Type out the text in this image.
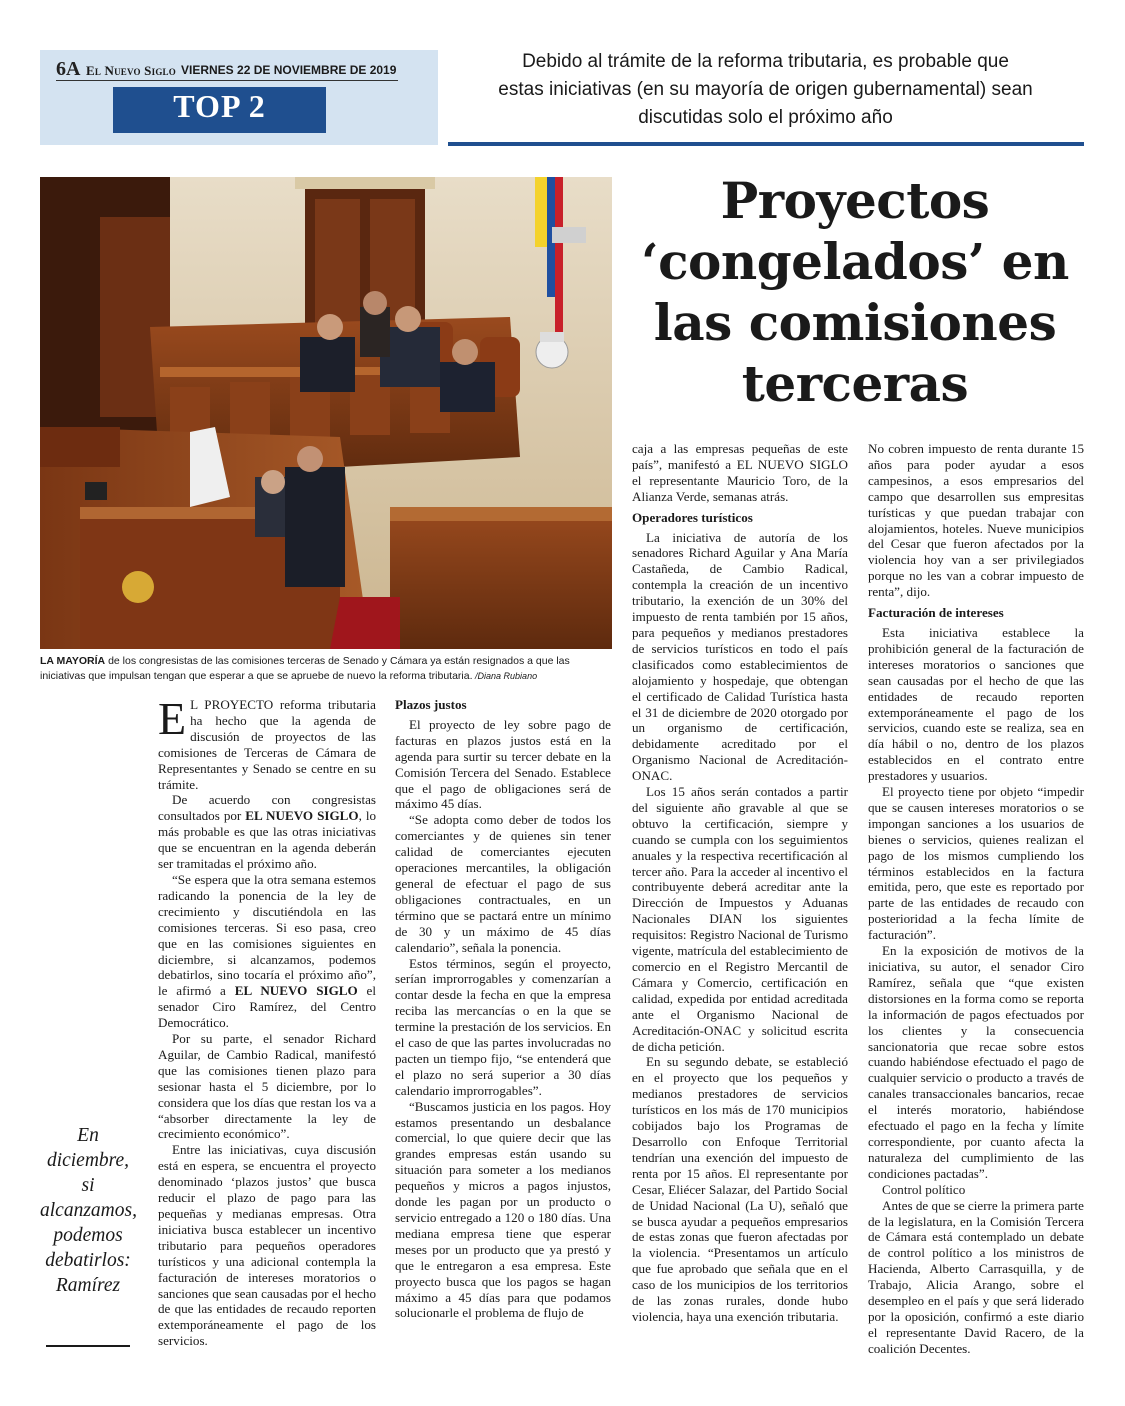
6A El Nuevo Siglo VIERNES 22 DE NOVIEMBRE DE 2019
TOP 2
Debido al trámite de la reforma tributaria, es probable que
estas iniciativas (en su mayoría de origen gubernamental) sean
discutidas solo el próximo año
Proyectos
‘congelados’ en
las comisiones
terceras
LA MAYORÍA de los congresistas de las comisiones terceras de Senado y Cámara ya están resignados a que las iniciativas que impulsan tengan que esperar a que se apruebe de nuevo la reforma tributaria. /Diana Rubiano
En diciembre, si alcanzamos, podemos debatirlos: Ramírez

E L PROYECTO reforma tributaria ha hecho que la agenda de discusión de proyectos de las comisiones de Terceras de Cámara de Representantes y Senado se centre en su trámite.

De acuerdo con congresistas consultados por EL NUEVO SIGLO, lo más probable es que las otras iniciativas que se encuentran en la agenda deberán ser tramitadas el próximo año.

“Se espera que la otra semana estemos radicando la ponencia de la ley de crecimiento y discutiéndola en las comisiones terceras. Si eso pasa, creo que en las comisiones siguientes en diciembre, si alcanzamos, podemos debatirlos, sino tocaría el próximo año”, le afirmó a EL NUEVO SIGLO el senador Ciro Ramírez, del Centro Democrático.

Por su parte, el senador Richard Aguilar, de Cambio Radical, manifestó que las comisiones tienen plazo para sesionar hasta el 5 diciembre, por lo considera que los días que restan los va a “absorber directamente la ley de crecimiento económico”.

Entre las iniciativas, cuya discusión está en espera, se encuentra el proyecto denominado ‘plazos justos’ que busca reducir el plazo de pago para las pequeñas y medianas empresas. Otra iniciativa busca establecer un incentivo tributario para pequeños operadores turísticos y una adicional contempla la facturación de intereses moratorios o sanciones que sean causadas por el hecho de que las entidades de recaudo reporten extemporáneamente el pago de los servicios.

Plazos justos

El proyecto de ley sobre pago de facturas en plazos justos está en la agenda para surtir su tercer debate en la Comisión Tercera del Senado. Establece que el pago de obligaciones será de máximo 45 días.

“Se adopta como deber de todos los comerciantes y de quienes sin tener calidad de comerciantes ejecuten operaciones mercantiles, la obligación general de efectuar el pago de sus obligaciones contractuales, en un término que se pactará entre un mínimo de 30 y un máximo de 45 días calendario”, señala la ponencia.

Estos términos, según el proyecto, serían improrrogables y comenzarían a contar desde la fecha en que la empresa reciba las mercancías o en la que se termine la prestación de los servicios. En el caso de que las partes involucradas no pacten un tiempo fijo, “se entenderá que el plazo no será superior a 30 días calendario improrrogables”.

“Buscamos justicia en los pagos. Hoy estamos presentando un desbalance comercial, lo que quiere decir que las grandes empresas están usando su situación para someter a los medianos pequeños y micros a pagos injustos, donde les pagan por un producto o servicio entregado a 120 o 180 días. Una mediana empresa tiene que esperar meses por un producto que ya prestó y que le entregaron a esa empresa. Este proyecto busca que los pagos se hagan máximo a 45 días para que podamos solucionarle el problema de flujo de

caja a las empresas pequeñas de este país”, manifestó a EL NUEVO SIGLO el representante Mauricio Toro, de la Alianza Verde, semanas atrás.

Operadores turísticos

La iniciativa de autoría de los senadores Richard Aguilar y Ana María Castañeda, de Cambio Radical, contempla la creación de un incentivo tributario, la exención de un 30% del impuesto de renta también por 15 años, para pequeños y medianos prestadores de servicios turísticos en todo el país clasificados como establecimientos de alojamiento y hospedaje, que obtengan el certificado de Calidad Turística hasta el 31 de diciembre de 2020 otorgado por un organismo de certificación, debidamente acreditado por el Organismo Nacional de Acreditación-ONAC.

Los 15 años serán contados a partir del siguiente año gravable al que se obtuvo la certificación, siempre y cuando se cumpla con los seguimientos anuales y la respectiva recertificación al tercer año. Para la acceder al incentivo el contribuyente deberá acreditar ante la Dirección de Impuestos y Aduanas Nacionales DIAN los siguientes requisitos: Registro Nacional de Turismo vigente, matrícula del establecimiento de comercio en el Registro Mercantil de Cámara y Comercio, certificación en calidad, expedida por entidad acreditada ante el Organismo Nacional de Acreditación-ONAC y solicitud escrita de dicha petición.

En su segundo debate, se estableció en el proyecto que los pequeños y medianos prestadores de servicios turísticos en los más de 170 municipios cobijados bajo los Programas de Desarrollo con Enfoque Territorial tendrían una exención del impuesto de renta por 15 años. El representante por Cesar, Eliécer Salazar, del Partido Social de Unidad Nacional (La U), señaló que se busca ayudar a pequeños empresarios de estas zonas que fueron afectadas por la violencia. “Presentamos un artículo que fue aprobado que señala que en el caso de los municipios de los territorios de las zonas rurales, donde hubo violencia, haya una exención tributaria.

No cobren impuesto de renta durante 15 años para poder ayudar a esos campesinos, a esos empresarios del campo que desarrollen sus empresitas turísticas y que puedan trabajar con alojamientos, hoteles. Nueve municipios del Cesar que fueron afectados por la violencia hoy van a ser privilegiados porque no les van a cobrar impuesto de renta”, dijo.

Facturación de intereses

Esta iniciativa establece la prohibición general de la facturación de intereses moratorios o sanciones que sean causadas por el hecho de que las entidades de recaudo reporten extemporáneamente el pago de los servicios, cuando este se realiza, sea en día hábil o no, dentro de los plazos establecidos en el contrato entre prestadores y usuarios.

El proyecto tiene por objeto “impedir que se causen intereses moratorios o se impongan sanciones a los usuarios de bienes o servicios, quienes realizan el pago de los mismos cumpliendo los términos establecidos en la factura emitida, pero, que este es reportado por parte de las entidades de recaudo con posterioridad a la fecha límite de facturación”.

En la exposición de motivos de la iniciativa, su autor, el senador Ciro Ramírez, señala que “que existen distorsiones en la forma como se reporta la información de pagos efectuados por los clientes y la consecuencia sancionatoria que recae sobre estos cuando habiéndose efectuado el pago de cualquier servicio o producto a través de canales transaccionales bancarios, recae el interés moratorio, habiéndose efectuado el pago en la fecha y límite correspondiente, por cuanto afecta la naturaleza del cumplimiento de las condiciones pactadas”.

Control político

Antes de que se cierre la primera parte de la legislatura, en la Comisión Tercera de Cámara está contemplado un debate de control político a los ministros de Hacienda, Alberto Carrasquilla, y de Trabajo, Alicia Arango, sobre el desempleo en el país y que será liderado por la oposición, confirmó a este diario el representante David Racero, de la coalición Decentes.
